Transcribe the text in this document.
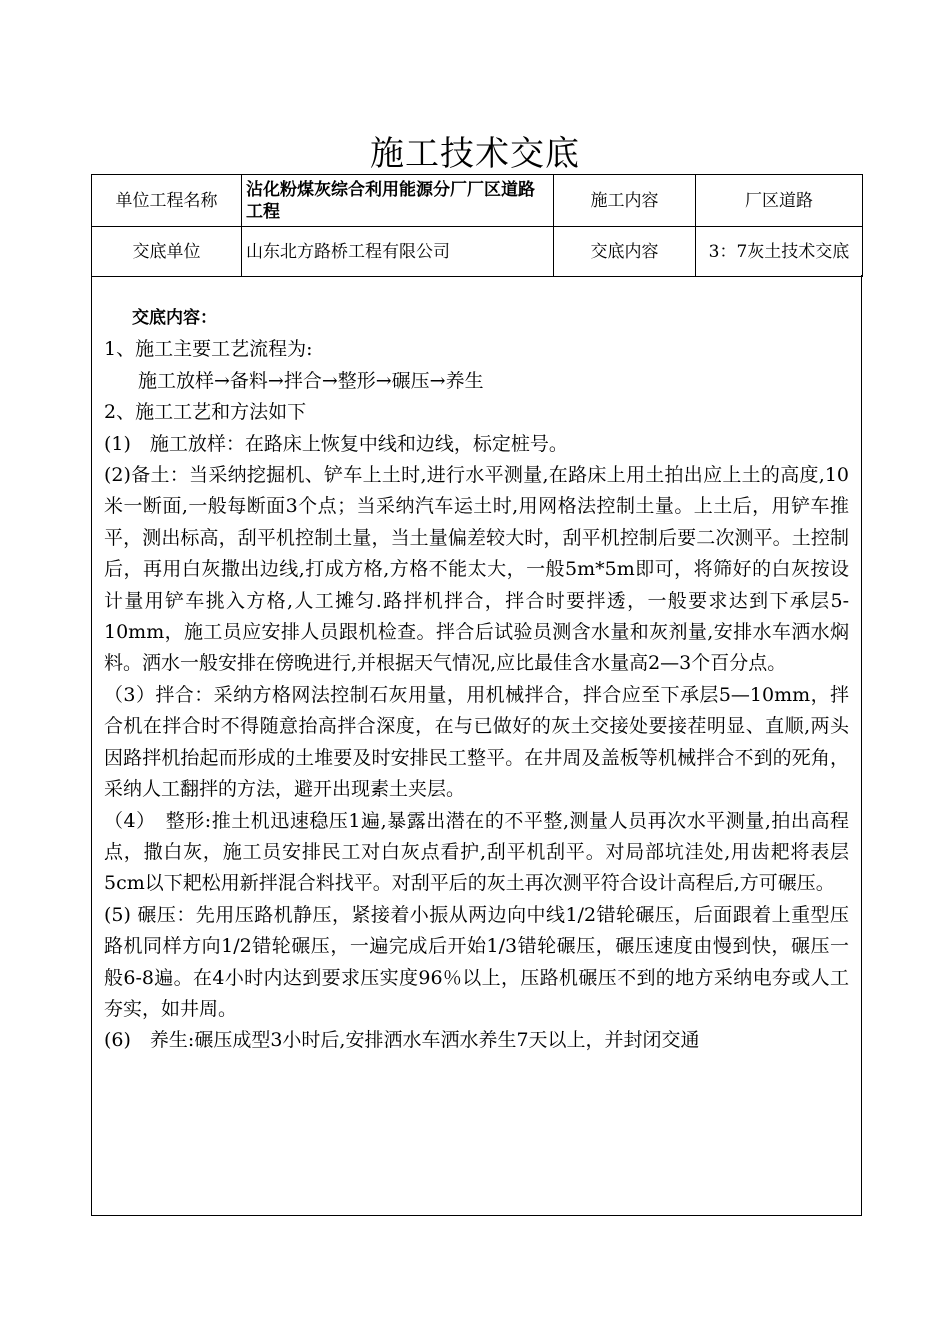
施工技术交底
单位工程名称	沾化粉煤灰综合利用能源分厂厂区道路工程	施工内容	厂区道路
交底单位	山东北方路桥工程有限公司	交底内容	3：7灰土技术交底

交底内容：

1、施工主要工艺流程为:

施工放样→备料→拌合→整形→碾压→养生

2、施工工艺和方法如下

(1)　施工放样：在路床上恢复中线和边线，标定桩号。

(2)备土：当采纳挖掘机、铲车上土时,进行水平测量,在路床上用土拍出应上土的高度,10米一断面,一般每断面3个点；当采纳汽车运土时,用网格法控制土量。上土后，用铲车推平，测出标高，刮平机控制土量，当土量偏差较大时，刮平机控制后要二次测平。土控制后，再用白灰撒出边线,打成方格,方格不能太大，一般5m*5m即可，将筛好的白灰按设计量用铲车挑入方格,人工摊匀.路拌机拌合，拌合时要拌透，一般要求达到下承层5-10mm，施工员应安排人员跟机检查。拌合后试验员测含水量和灰剂量,安排水车洒水焖料。洒水一般安排在傍晚进行,并根据天气情况,应比最佳含水量高2—3个百分点。

（3）拌合：采纳方格网法控制石灰用量，用机械拌合，拌合应至下承层5—10mm，拌合机在拌合时不得随意抬高拌合深度，在与已做好的灰土交接处要接茬明显、直顺,两头因路拌机抬起而形成的土堆要及时安排民工整平。在井周及盖板等机械拌合不到的死角，采纳人工翻拌的方法，避开出现素土夹层。

（4）　整形:推土机迅速稳压1遍,暴露出潜在的不平整,测量人员再次水平测量,拍出高程点，撒白灰，施工员安排民工对白灰点看护,刮平机刮平。对局部坑洼处,用齿耙将表层5cm以下耙松用新拌混合料找平。对刮平后的灰土再次测平符合设计高程后,方可碾压。

(5) 碾压：先用压路机静压，紧接着小振从两边向中线1/2错轮碾压，后面跟着上重型压路机同样方向1/2错轮碾压，一遍完成后开始1/3错轮碾压，碾压速度由慢到快，碾压一般6-8遍。在4小时内达到要求压实度96％以上，压路机碾压不到的地方采纳电夯或人工夯实，如井周。

(6)　养生:碾压成型3小时后,安排洒水车洒水养生7天以上，并封闭交通
